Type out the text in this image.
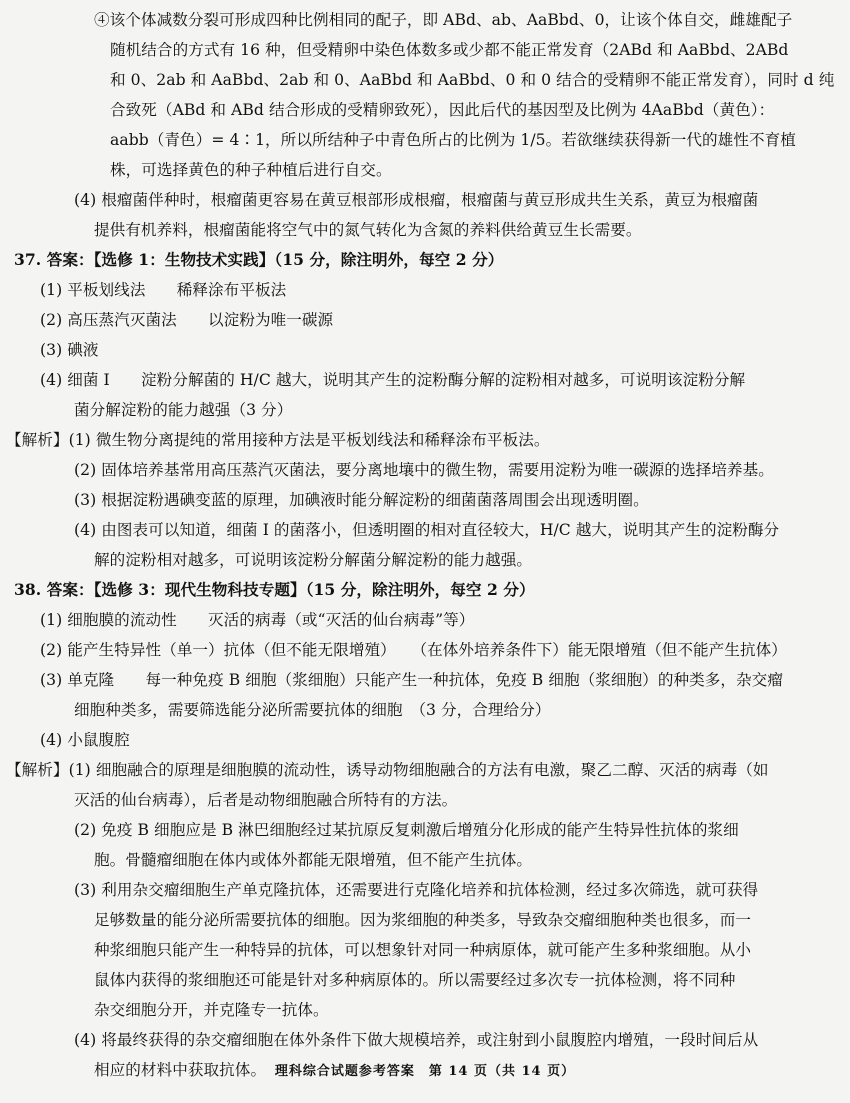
④该个体减数分裂可形成四种比例相同的配子，即 ABd、ab、AaBbd、0，让该个体自交，雌雄配子
随机结合的方式有 16 种，但受精卵中染色体数多或少都不能正常发育（2ABd 和 AaBbd、2ABd
和 0、2ab 和 AaBbd、2ab 和 0、AaBbd 和 AaBbd、0 和 0 结合的受精卵不能正常发育），同时 d 纯
合致死（ABd 和 ABd 结合形成的受精卵致死），因此后代的基因型及比例为 4AaBbd（黄色）：
aabb（青色）= 4∶1，所以所结种子中青色所占的比例为 1/5。若欲继续获得新一代的雄性不育植
株，可选择黄色的种子种植后进行自交。
(4) 根瘤菌伴种时，根瘤菌更容易在黄豆根部形成根瘤，根瘤菌与黄豆形成共生关系，黄豆为根瘤菌
提供有机养料，根瘤菌能将空气中的氮气转化为含氮的养料供给黄豆生长需要。
37. 答案：【选修 1：生物技术实践】（15 分，除注明外，每空 2 分）
(1) 平板划线法　　稀释涂布平板法
(2) 高压蒸汽灭菌法　　以淀粉为唯一碳源
(3) 碘液
(4) 细菌 Ⅰ　　淀粉分解菌的 H/C 越大，说明其产生的淀粉酶分解的淀粉相对越多，可说明该淀粉分解
菌分解淀粉的能力越强（3 分）
【解析】(1) 微生物分离提纯的常用接种方法是平板划线法和稀释涂布平板法。
(2) 固体培养基常用高压蒸汽灭菌法，要分离地壤中的微生物，需要用淀粉为唯一碳源的选择培养基。
(3) 根据淀粉遇碘变蓝的原理，加碘液时能分解淀粉的细菌菌落周围会出现透明圈。
(4) 由图表可以知道，细菌 Ⅰ 的菌落小，但透明圈的相对直径较大，H/C 越大，说明其产生的淀粉酶分
解的淀粉相对越多，可说明该淀粉分解菌分解淀粉的能力越强。
38. 答案：【选修 3：现代生物科技专题】（15 分，除注明外，每空 2 分）
(1) 细胞膜的流动性　　灭活的病毒（或“灭活的仙台病毒”等）
(2) 能产生特异性（单一）抗体（但不能无限增殖）　　（在体外培养条件下）能无限增殖（但不能产生抗体）
(3) 单克隆　　每一种免疫 B 细胞（浆细胞）只能产生一种抗体，免疫 B 细胞（浆细胞）的种类多，杂交瘤
细胞种类多，需要筛选能分泌所需要抗体的细胞　（3 分，合理给分）
(4) 小鼠腹腔
【解析】(1) 细胞融合的原理是细胞膜的流动性，诱导动物细胞融合的方法有电激，聚乙二醇、灭活的病毒（如
灭活的仙台病毒），后者是动物细胞融合所特有的方法。
(2) 免疫 B 细胞应是 B 淋巴细胞经过某抗原反复刺激后增殖分化形成的能产生特异性抗体的浆细
胞。骨髓瘤细胞在体内或体外都能无限增殖，但不能产生抗体。
(3) 利用杂交瘤细胞生产单克隆抗体，还需要进行克隆化培养和抗体检测，经过多次筛选，就可获得
足够数量的能分泌所需要抗体的细胞。因为浆细胞的种类多，导致杂交瘤细胞种类也很多，而一
种浆细胞只能产生一种特异的抗体，可以想象针对同一种病原体，就可能产生多种浆细胞。从小
鼠体内获得的浆细胞还可能是针对多种病原体的。所以需要经过多次专一抗体检测，将不同种
杂交细胞分开，并克隆专一抗体。
(4) 将最终获得的杂交瘤细胞在体外条件下做大规模培养，或注射到小鼠腹腔内增殖，一段时间后从
相应的材料中获取抗体。 理科综合试题参考答案　第 14 页（共 14 页）
